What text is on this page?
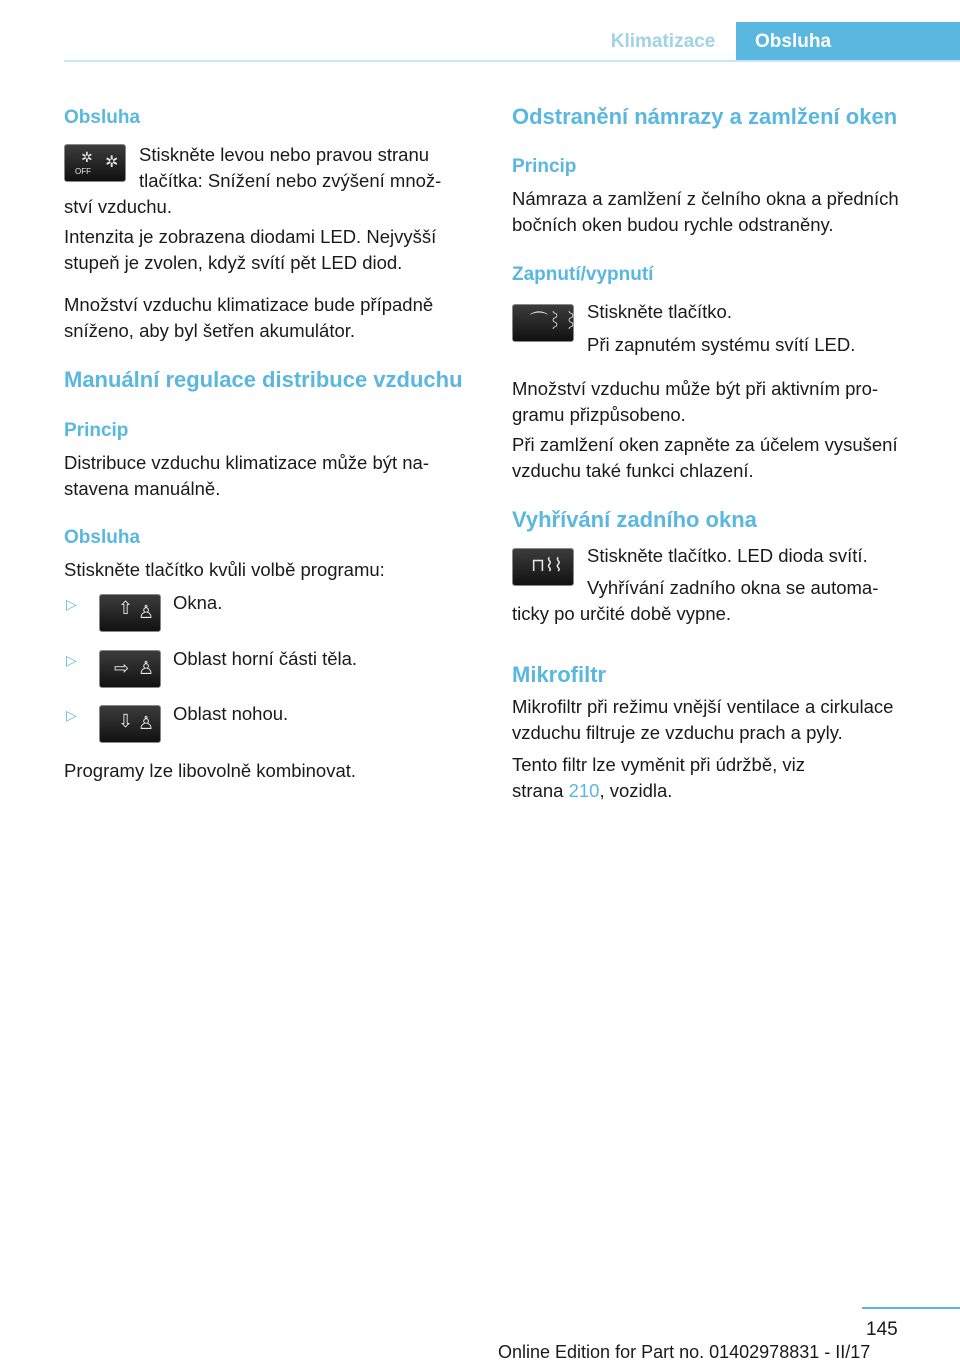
Klimatizace	Obsluha
Obsluha
✲
OFF
✲ Stiskněte levou nebo pravou stranu tlačítka: Snížení nebo zvýšení množ‐
ství vzduchu.
Intenzita je zobrazena diodami LED. Nejvyšší stupeň je zvolen, když svítí pět LED diod.
Množství vzduchu klimatizace bude případně sníženo, aby byl šetřen akumulátor.
Manuální regulace distribuce vzduchu
Princip
Distribuce vzduchu klimatizace může být na‐ stavena manuálně.
Obsluha
Stiskněte tlačítko kvůli volbě programu:
▷ ⇧ ♙ Okna.
▷ ⇨ ♙ Oblast horní části těla.
▷ ⇩ ♙ Oblast nohou.
Programy lze libovolně kombinovat.
Odstranění námrazy a zamlžení oken
Princip
Námraza a zamlžení z čelního okna a předních bočních oken budou rychle odstraněny.
Zapnutí/vypnutí
⌒⌇⌇ Stiskněte tlačítko.
Při zapnutém systému svítí LED.
Množství vzduchu může být při aktivním pro‐ gramu přizpůsobeno.
Při zamlžení oken zapněte za účelem vysušení vzduchu také funkci chlazení.
Vyhřívání zadního okna
⊓⌇⌇ Stiskněte tlačítko. LED dioda svítí.
Vyhřívání zadního okna se automa‐
ticky po určité době vypne.
Mikrofiltr
Mikrofiltr při režimu vnější ventilace a cirkulace vzduchu filtruje ze vzduchu prach a pyly.
Tento filtr lze vyměnit při údržbě, viz
strana 210, vozidla.
145
Online Edition for Part no. 01402978831 - II/17
